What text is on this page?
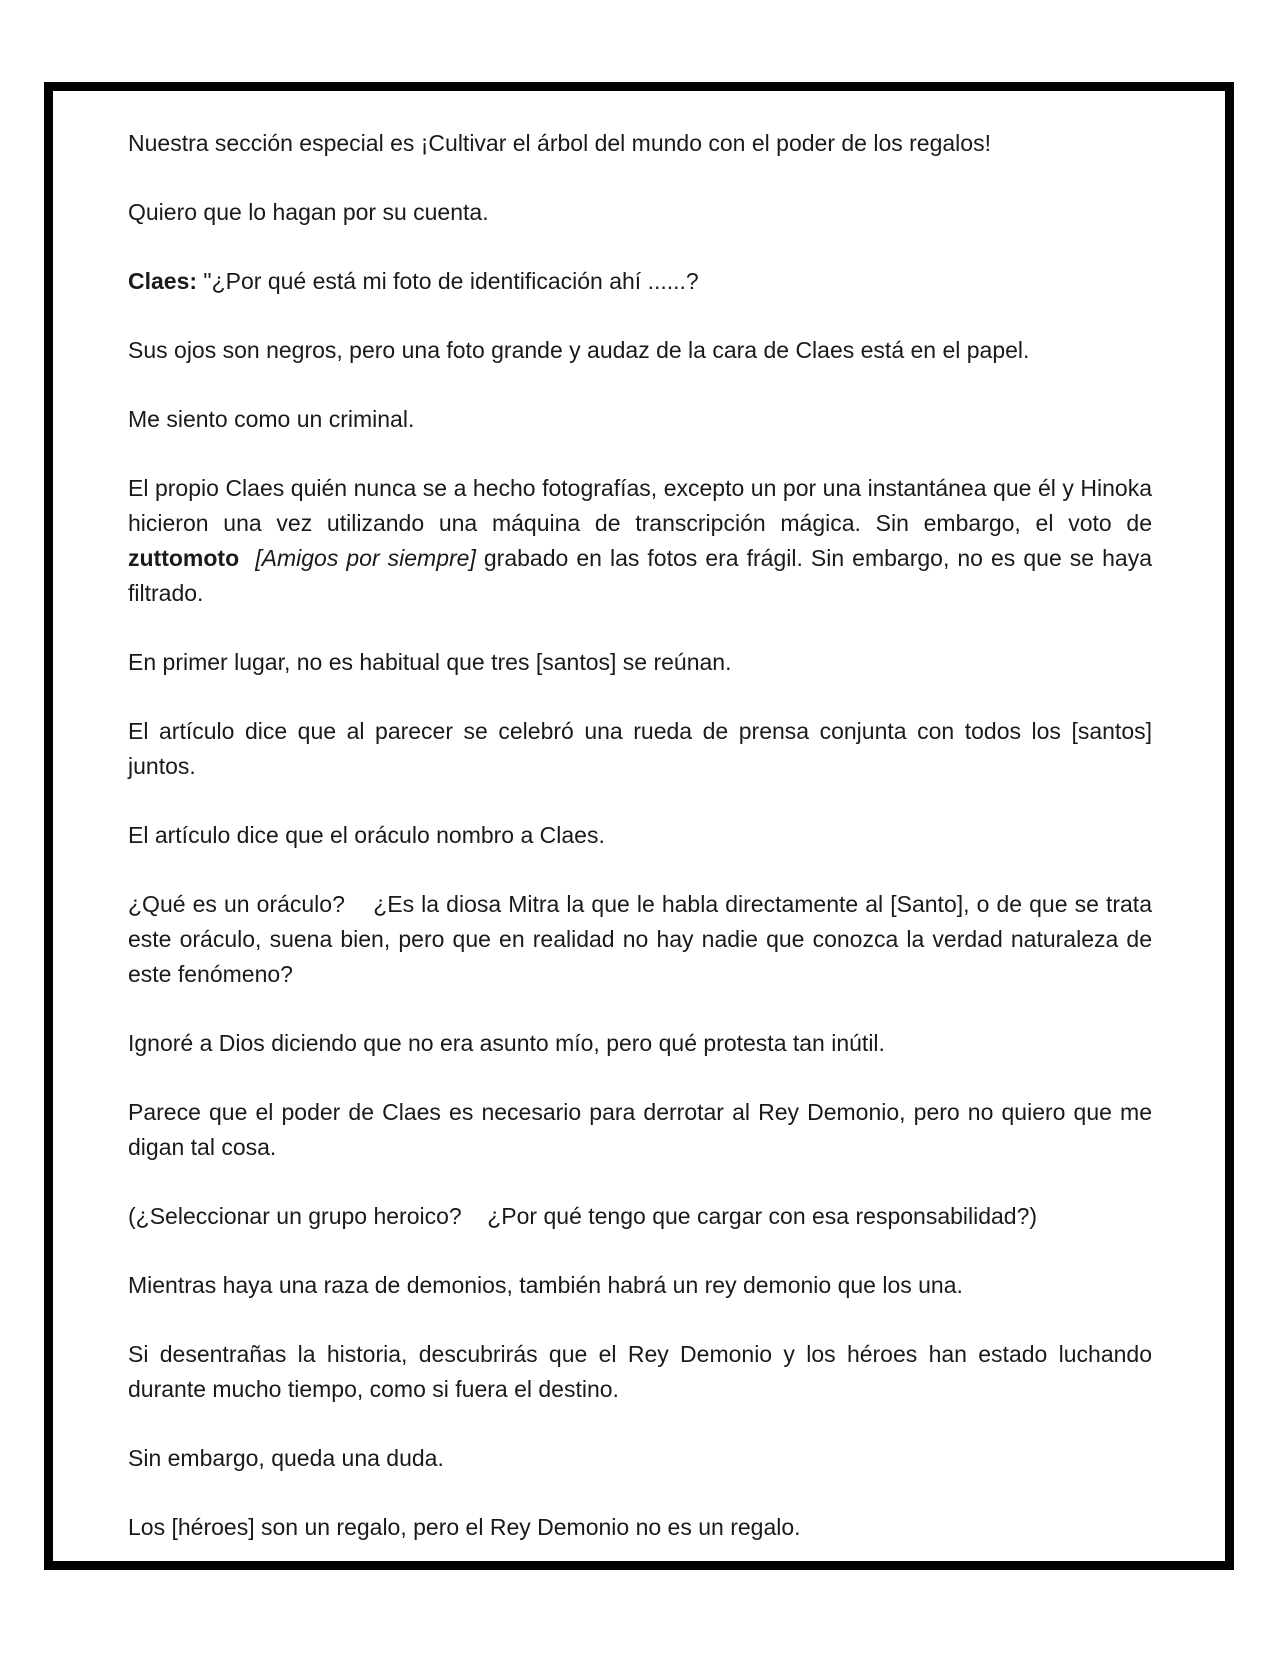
Nuestra sección especial es ¡Cultivar el árbol del mundo con el poder de los regalos!

Quiero que lo hagan por su cuenta.

Claes: "¿Por qué está mi foto de identificación ahí ......?

Sus ojos son negros, pero una foto grande y audaz de la cara de Claes está en el papel.

Me siento como un criminal.

El propio Claes quién nunca se a hecho fotografías, excepto un por una instantánea que él y Hinoka hicieron una vez utilizando una máquina de transcripción mágica. Sin embargo, el voto de zuttomoto [Amigos por siempre] grabado en las fotos era frágil. Sin embargo, no es que se haya filtrado.

En primer lugar, no es habitual que tres [santos] se reúnan.

El artículo dice que al parecer se celebró una rueda de prensa conjunta con todos los [santos] juntos.

El artículo dice que el oráculo nombro a Claes.

¿Qué es un oráculo?    ¿Es la diosa Mitra la que le habla directamente al [Santo], o de que se trata este oráculo, suena bien, pero que en realidad no hay nadie que conozca la verdad naturaleza de este fenómeno?

Ignoré a Dios diciendo que no era asunto mío, pero qué protesta tan inútil.

Parece que el poder de Claes es necesario para derrotar al Rey Demonio, pero no quiero que me digan tal cosa.

(¿Seleccionar un grupo heroico?    ¿Por qué tengo que cargar con esa responsabilidad?)

Mientras haya una raza de demonios, también habrá un rey demonio que los una.

Si desentrañas la historia, descubrirás que el Rey Demonio y los héroes han estado luchando durante mucho tiempo, como si fuera el destino.

Sin embargo, queda una duda.

Los [héroes] son un regalo, pero el Rey Demonio no es un regalo.
